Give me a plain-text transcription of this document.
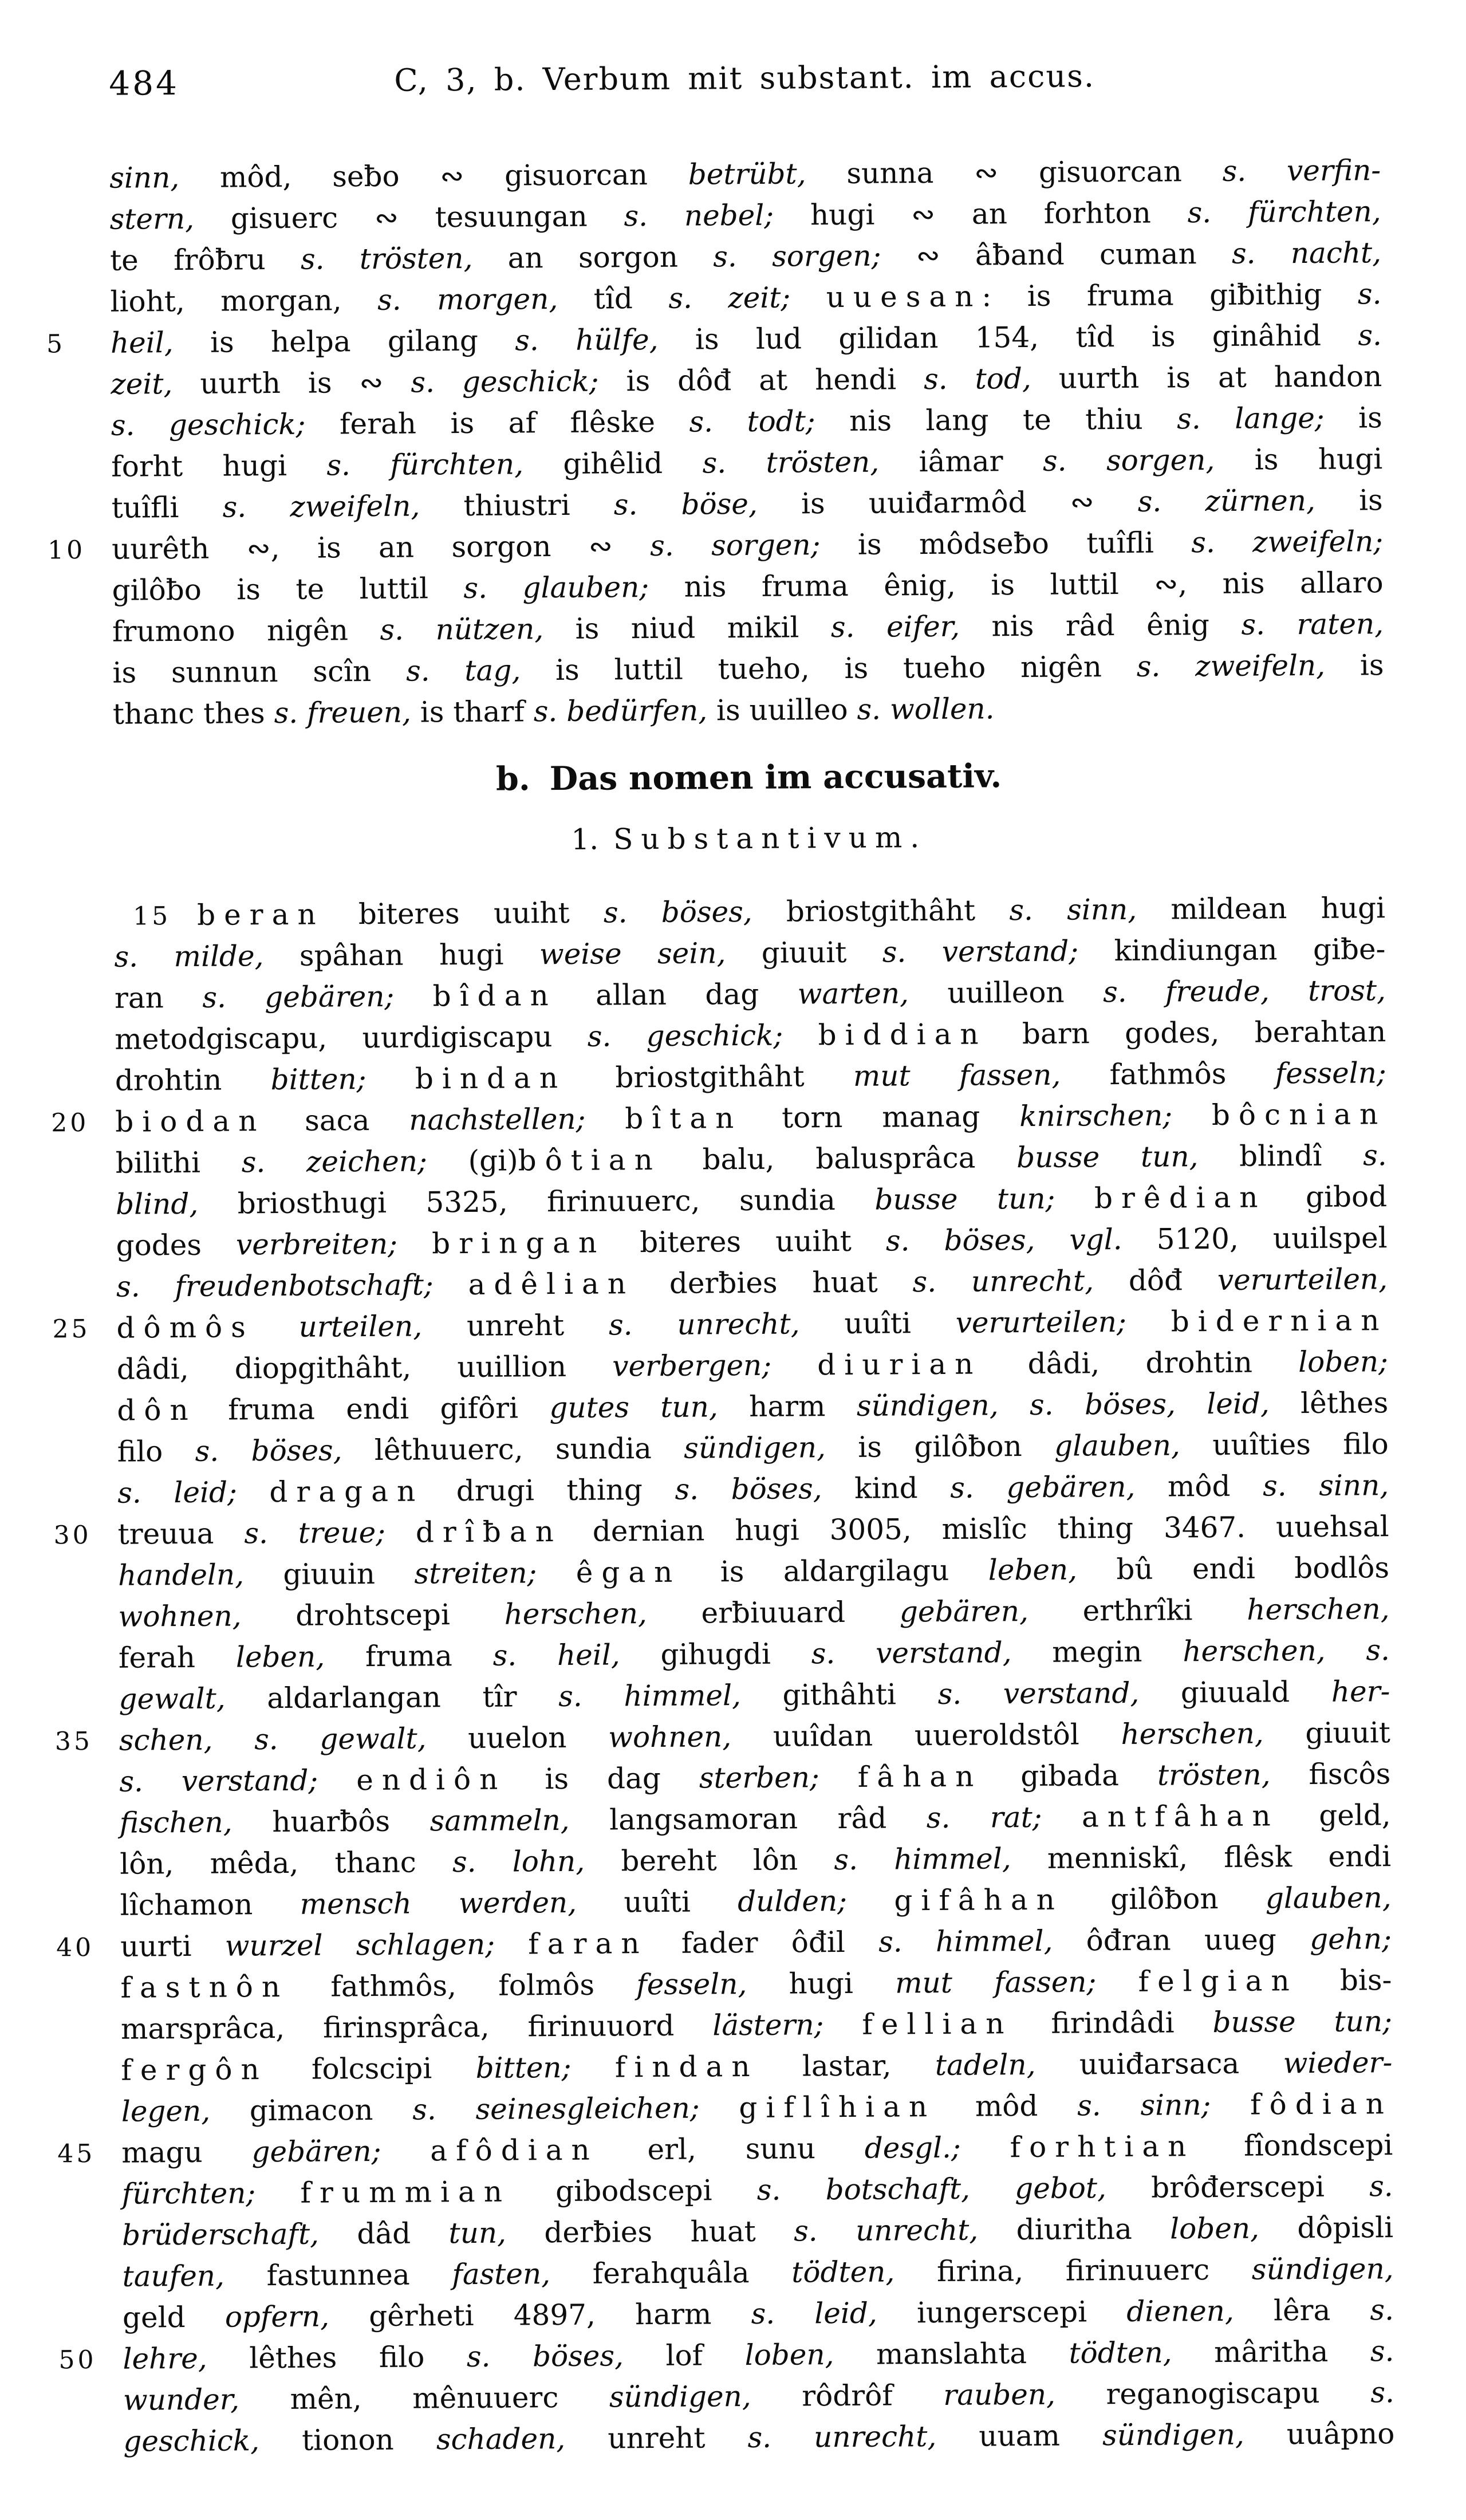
484	C, 3, b. Verbum mit substant. im accus.
sinn, môd, seƀo ∾ gisuorcan betrübt, sunna ∾ gisuorcan s. verfin-
stern, gisuerc ∾ tesuungan s. nebel; hugi ∾ an forhton s. fürchten,
te frôƀru s. trösten, an sorgon s. sorgen; ∾ âƀand cuman s. nacht,
lioht, morgan, s. morgen, tîd s. zeit; uuesan: is fruma giƀithig s.
5 heil, is helpa gilang s. hülfe, is lud gilidan 154, tîd is ginâhid s.
zeit, uurth is ∾ s. geschick; is dôđ at hendi s. tod, uurth is at handon
s. geschick; ferah is af flêske s. todt; nis lang te thiu s. lange; is
forht hugi s. fürchten, gihêlid s. trösten, iâmar s. sorgen, is hugi
tuîfli s. zweifeln, thiustri s. böse, is uuiđarmôd ∾ s. zürnen, is
10 uurêth ∾, is an sorgon ∾ s. sorgen; is môdseƀo tuîfli s. zweifeln;
gilôƀo is te luttil s. glauben; nis fruma ênig, is luttil ∾, nis allaro
frumono nigên s. nützen, is niud mikil s. eifer, nis râd ênig s. raten,
is sunnun scîn s. tag, is luttil tueho, is tueho nigên s. zweifeln, is
thanc thes s. freuen, is tharf s. bedürfen, is uuilleo s. wollen.
b. Das nomen im accusativ.
1. Substantivum.
15 beran biteres uuiht s. böses, briostgithâht s. sinn, mildean hugi
s. milde, spâhan hugi weise sein, giuuit s. verstand; kindiungan giƀe-
ran s. gebären; bîdan allan dag warten, uuilleon s. freude, trost,
metodgiscapu, uurdigiscapu s. geschick; biddian barn godes, berahtan
drohtin bitten; bindan briostgithâht mut fassen, fathmôs fesseln;
20 biodan saca nachstellen; bîtan torn manag knirschen; bôcnian
bilithi s. zeichen; (gi)bôtian balu, balusprâca busse tun, blindî s.
blind, briosthugi 5325, firinuuerc, sundia busse tun; brêdian gibod
godes verbreiten; bringan biteres uuiht s. böses, vgl. 5120, uuilspel
s. freudenbotschaft; adêlian derƀies huat s. unrecht, dôđ verurteilen,
25 dômôs urteilen, unreht s. unrecht, uuîti verurteilen; bidernian
dâdi, diopgithâht, uuillion verbergen; diurian dâdi, drohtin loben;
dôn fruma endi gifôri gutes tun, harm sündigen, s. böses, leid, lêthes
filo s. böses, lêthuuerc, sundia sündigen, is gilôƀon glauben, uuîties filo
s. leid; dragan drugi thing s. böses, kind s. gebären, môd s. sinn,
30 treuua s. treue; drîƀan dernian hugi 3005, mislîc thing 3467. uuehsal
handeln, giuuin streiten; êgan is aldargilagu leben, bû endi bodlôs
wohnen, drohtscepi herschen, erƀiuuard gebären, erthrîki herschen,
ferah leben, fruma s. heil, gihugdi s. verstand, megin herschen, s.
gewalt, aldarlangan tîr s. himmel, githâhti s. verstand, giuuald her-
35 schen, s. gewalt, uuelon wohnen, uuîdan uueroldstôl herschen, giuuit
s. verstand; endiôn is dag sterben; fâhan gibada trösten, fiscôs
fischen, huarƀôs sammeln, langsamoran râd s. rat; antfâhan geld,
lôn, mêda, thanc s. lohn, bereht lôn s. himmel, menniskî, flêsk endi
lîchamon mensch werden, uuîti dulden; gifâhan gilôƀon glauben,
40 uurti wurzel schlagen; faran fader ôđil s. himmel, ôđran uueg gehn;
fastnôn fathmôs, folmôs fesseln, hugi mut fassen; felgian bis-
marsprâca, firinsprâca, firinuuord lästern; fellian firindâdi busse tun;
fergôn folcscipi bitten; findan lastar, tadeln, uuiđarsaca wieder-
legen, gimacon s. seinesgleichen; giflîhian môd s. sinn; fôdian
45 magu gebären; afôdian erl, sunu desgl.; forhtian fîondscepi
fürchten; frummian gibodscepi s. botschaft, gebot, brôđerscepi s.
brüderschaft, dâd tun, derƀies huat s. unrecht, diuritha loben, dôpisli
taufen, fastunnea fasten, ferahquâla tödten, firina, firinuuerc sündigen,
geld opfern, gêrheti 4897, harm s. leid, iungerscepi dienen, lêra s.
50 lehre, lêthes filo s. böses, lof loben, manslahta tödten, mâritha s.
wunder, mên, mênuuerc sündigen, rôdrôf rauben, reganogiscapu s.
geschick, tionon schaden, unreht s. unrecht, uuam sündigen, uuâpno
